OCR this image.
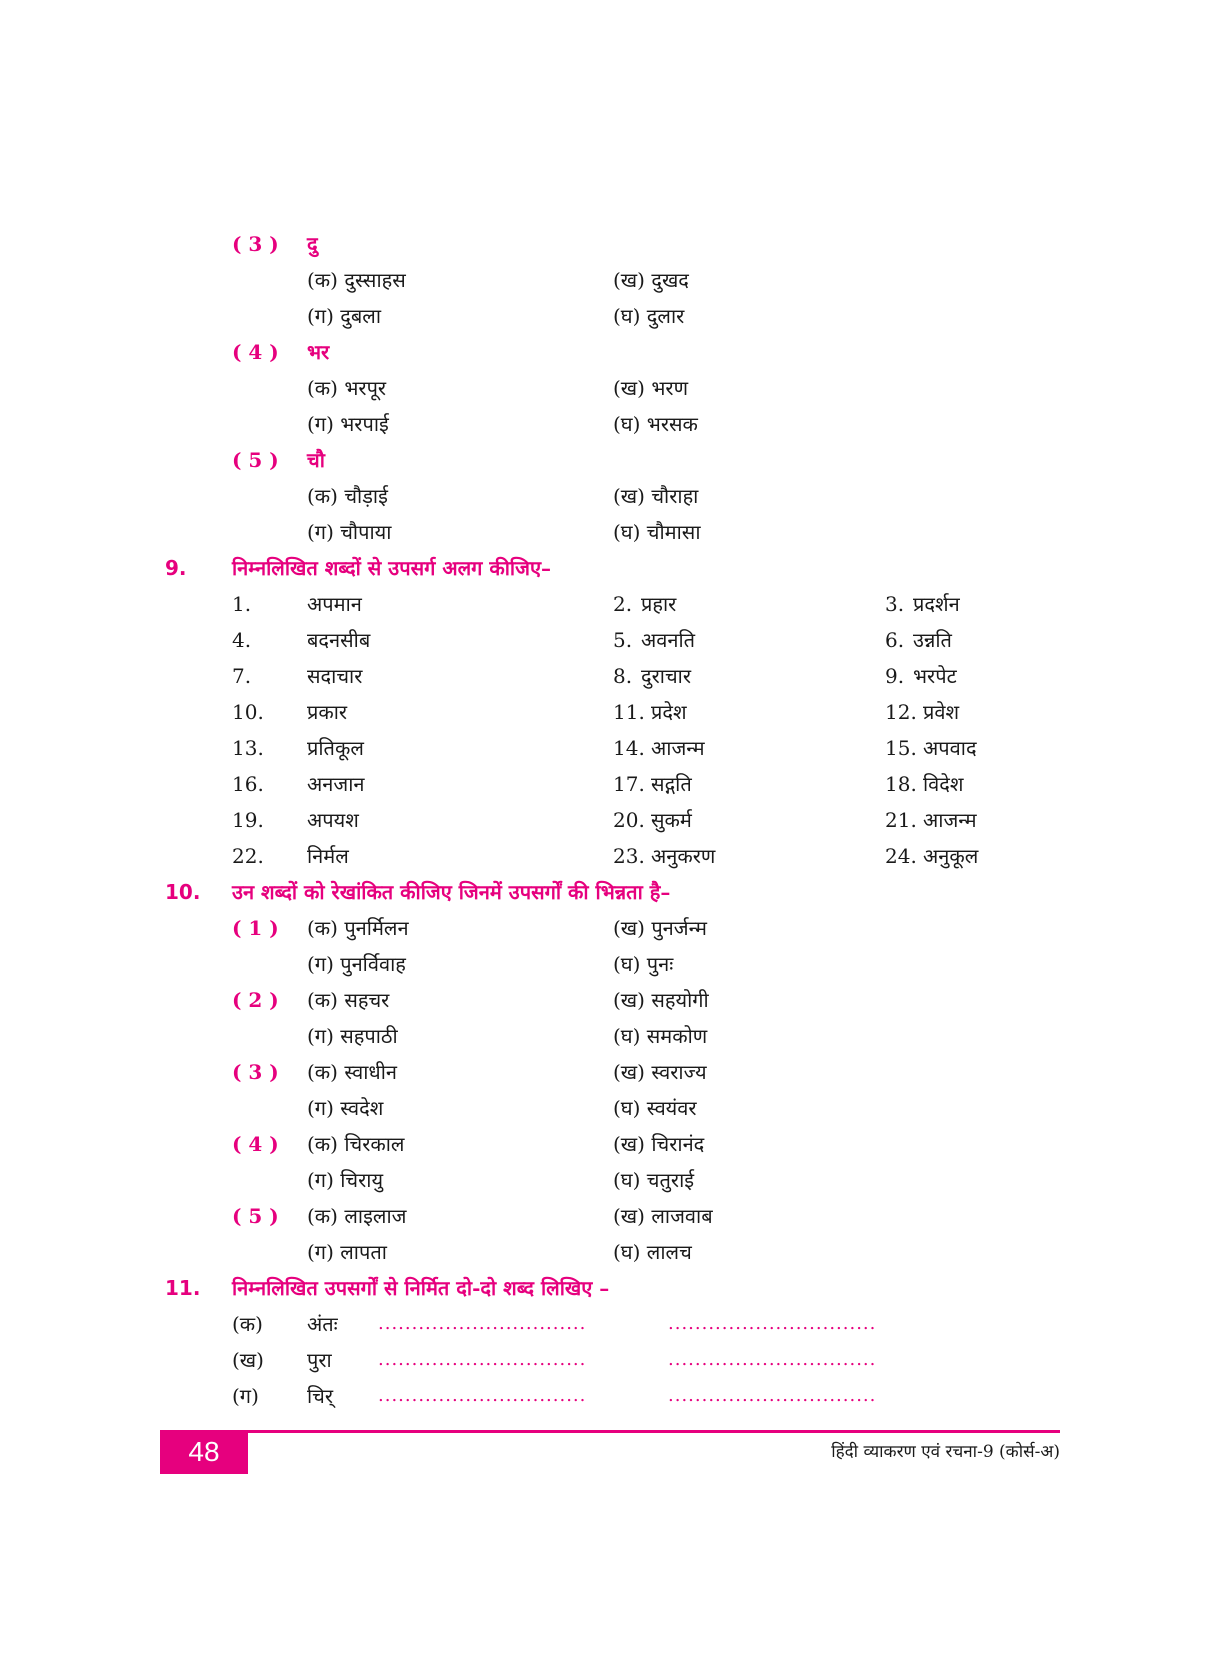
( 3 ) दु
(क) दुस्साहस	(ख) दुखद
(ग) दुबला	(घ) दुलार
( 4 ) भर
(क) भरपूर	(ख) भरण
(ग) भरपाई	(घ) भरसक
( 5 ) चौ
(क) चौड़ाई	(ख) चौराहा
(ग) चौपाया	(घ) चौमासा
9. निम्नलिखित शब्दों से उपसर्ग अलग कीजिए–
1.	अपमान	2. प्रहार	3. प्रदर्शन
4.	बदनसीब	5. अवनति	6. उन्नति
7.	सदाचार	8. दुराचार	9. भरपेट
10. प्रकार	11. प्रदेश	12. प्रवेश
13. प्रतिकूल	14. आजन्म	15. अपवाद
16. अनजान	17. सद्गति	18. विदेश
19. अपयश	20. सुकर्म	21. आजन्म
22. निर्मल	23. अनुकरण	24. अनुकूल
10. उन शब्दों को रेखांकित कीजिए जिनमें उपसर्गों की भिन्नता है–
( 1 ) (क) पुनर्मिलन	(ख) पुनर्जन्म
(ग) पुनर्विवाह	(घ) पुनः
( 2 ) (क) सहचर	(ख) सहयोगी
(ग) सहपाठी	(घ) समकोण
( 3 ) (क) स्वाधीन	(ख) स्वराज्य
(ग) स्वदेश	(घ) स्वयंवर
( 4 ) (क) चिरकाल	(ख) चिरानंद
(ग) चिरायु	(घ) चतुराई
( 5 ) (क) लाइलाज	(ख) लाजवाब
(ग) लापता	(घ) लालच
11. निम्नलिखित उपसर्गों से निर्मित दो-दो शब्द लिखिए –
(क) अंतः ...............................	...............................
(ख) पुरा	...............................	...............................
(ग) चिर् ...............................	...............................
48	हिंदी व्याकरण एवं रचना-9 (कोर्स-अ)
